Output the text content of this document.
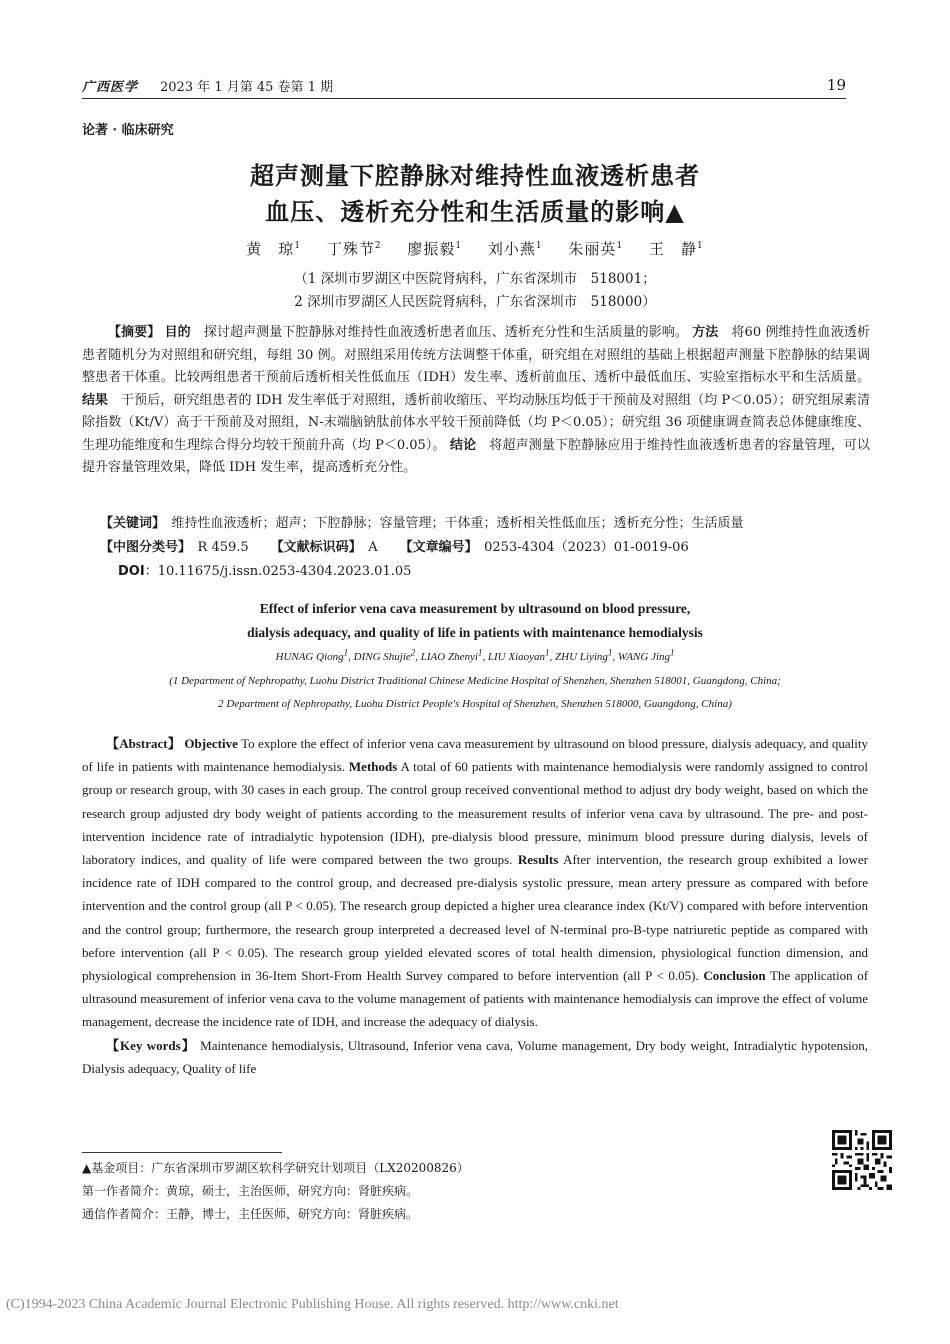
广西医学 2023 年 1 月第 45 卷第 1 期	19
论著 · 临床研究
超声测量下腔静脉对维持性血液透析患者
血压、透析充分性和生活质量的影响▲
黄　琼$^1$ 丁殊节$^2$ 廖振毅$^1$ 刘小燕$^1$ 朱丽英$^1$ 王　静$^1$
（1 深圳市罗湖区中医院肾病科，广东省深圳市　518001；
2 深圳市罗湖区人民医院肾病科，广东省深圳市　518000）

【摘要】 目的　 探讨超声测量下腔静脉对维持性血液透析患者血压、透析充分性和生活质量的影响。 方法　 将60 例维持性血液透析患者随机分为对照组和研究组，每组 30 例。对照组采用传统方法调整干体重，研究组在对照组的基础上根据超声测量下腔静脉的结果调整患者干体重。比较两组患者干预前后透析相关性低血压（IDH）发生率、透析前血压、透析中最低血压、实验室指标水平和生活质量。 结果　 干预后，研究组患者的 IDH 发生率低于对照组，透析前收缩压、平均动脉压均低于干预前及对照组（均 P＜0.05）；研究组尿素清除指数（Kt/V）高于干预前及对照组，N-末端脑钠肽前体水平较干预前降低（均 P＜0.05）；研究组 36 项健康调查简表总体健康维度、生理功能维度和生理综合得分均较干预前升高（均 P＜0.05）。 结论　 将超声测量下腔静脉应用于维持性血液透析患者的容量管理，可以提升容量管理效果，降低 IDH 发生率，提高透析充分性。

【关键词】　 维持性血液透析；超声；下腔静脉；容量管理；干体重；透析相关性低血压；透析充分性；生活质量
【中图分类号】　 R 459.5 【文献标识码】　 A 【文章编号】　 0253-4304（2023）01-0019-06
DOI：10.11675/j.issn.0253-4304.2023.01.05
Effect of inferior vena cava measurement by ultrasound on blood pressure,
dialysis adequacy, and quality of life in patients with maintenance hemodialysis
HUNAG Qiong$^1$, DING Shujie$^2$, LIAO Zhenyi$^1$, LIU Xiaoyan$^1$, ZHU Liying$^1$, WANG Jing$^1$
(1 Department of Nephropathy, Luohu District Traditional Chinese Medicine Hospital of Shenzhen, Shenzhen 518001, Guangdong, China;
2 Department of Nephropathy, Luohu District People's Hospital of Shenzhen, Shenzhen 518000, Guangdong, China)

【Abstract】 Objective To explore the effect of inferior vena cava measurement by ultrasound on blood pressure, dialysis adequacy, and quality of life in patients with maintenance hemodialysis. Methods A total of 60 patients with maintenance hemodialysis were randomly assigned to control group or research group, with 30 cases in each group. The control group received conventional method to adjust dry body weight, based on which the research group adjusted dry body weight of patients according to the measurement results of inferior vena cava by ultrasound. The pre- and post-intervention incidence rate of intradialytic hypotension (IDH), pre-dialysis blood pressure, minimum blood pressure during dialysis, levels of laboratory indices, and quality of life were compared between the two groups. Results After intervention, the research group exhibited a lower incidence rate of IDH compared to the control group, and decreased pre-dialysis systolic pressure, mean artery pressure as compared with before intervention and the control group (all P < 0.05). The research group depicted a higher urea clearance index (Kt/V) compared with before intervention and the control group; furthermore, the research group interpreted a decreased level of N-terminal pro-B-type natriuretic peptide as compared with before intervention (all P < 0.05). The research group yielded elevated scores of total health dimension, physiological function dimension, and physiological comprehension in 36-Item Short-From Health Survey compared to before intervention (all P < 0.05). Conclusion The application of ultrasound measurement of inferior vena cava to the volume management of patients with maintenance hemodialysis can improve the effect of volume management, decrease the incidence rate of IDH, and increase the adequacy of dialysis.

【Key words】 Maintenance hemodialysis, Ultrasound, Inferior vena cava, Volume management, Dry body weight, Intradialytic hypotension, Dialysis adequacy, Quality of life

▲基金项目：广东省深圳市罗湖区软科学研究计划项目（LX20200826）
第一作者简介：黄琼，硕士，主治医师，研究方向：肾脏疾病。
通信作者简介：王静，博士，主任医师，研究方向：肾脏疾病。
(C)1994-2023 China Academic Journal Electronic Publishing House. All rights reserved. http://www.cnki.net
